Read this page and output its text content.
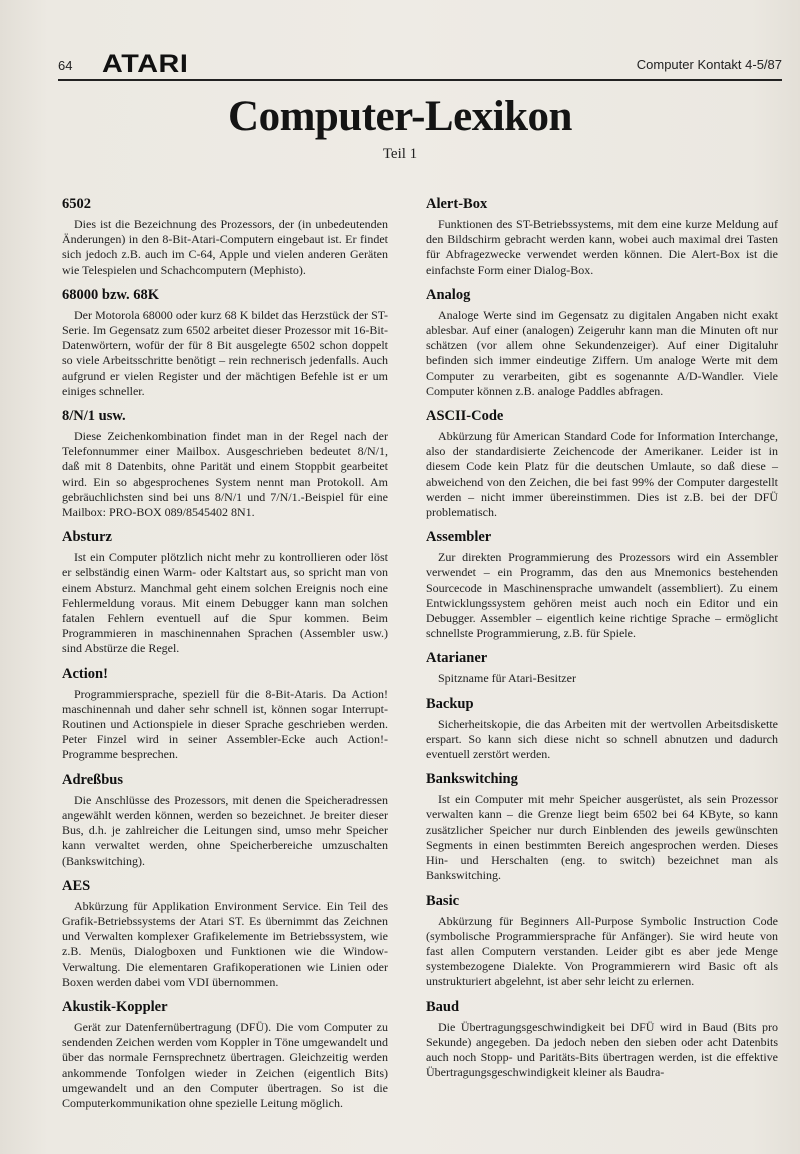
64 ATARI	Computer Kontakt 4-5/87
Computer-Lexikon
Teil 1
6502

Dies ist die Bezeichnung des Prozessors, der (in unbedeutenden Änderungen) in den 8-Bit-Atari-Computern eingebaut ist. Er findet sich jedoch z.B. auch im C-64, Apple und vielen anderen Geräten wie Telespielen und Schachcomputern (Mephisto).

68000 bzw. 68K

Der Motorola 68000 oder kurz 68 K bildet das Herzstück der ST-Serie. Im Gegensatz zum 6502 arbeitet dieser Prozessor mit 16-Bit-Datenwörtern, wofür der für 8 Bit ausgelegte 6502 schon doppelt so viele Arbeitsschritte benötigt – rein rechnerisch jedenfalls. Auch aufgrund er vielen Register und der mächtigen Befehle ist er um einiges schneller.

8/N/1 usw.

Diese Zeichenkombination findet man in der Regel nach der Telefonnummer einer Mailbox. Ausgeschrieben bedeutet 8/N/1, daß mit 8 Datenbits, ohne Parität und einem Stoppbit gearbeitet wird. Ein so abgesprochenes System nennt man Protokoll. Am gebräuchlichsten sind bei uns 8/N/1 und 7/N/1.-Beispiel für eine Mailbox: PRO-BOX 089/8545402 8N1.

Absturz

Ist ein Computer plötzlich nicht mehr zu kontrollieren oder löst er selbständig einen Warm- oder Kaltstart aus, so spricht man von einem Absturz. Manchmal geht einem solchen Ereignis noch eine Fehlermeldung voraus. Mit einem Debugger kann man solchen fatalen Fehlern eventuell auf die Spur kommen. Beim Programmieren in maschinennahen Sprachen (Assembler usw.) sind Abstürze die Regel.

Action!

Programmiersprache, speziell für die 8-Bit-Ataris. Da Action! maschinennah und daher sehr schnell ist, können sogar Interrupt-Routinen und Actionspiele in dieser Sprache geschrieben werden. Peter Finzel wird in seiner Assembler-Ecke auch Action!-Programme besprechen.

Adreßbus

Die Anschlüsse des Prozessors, mit denen die Speicheradressen angewählt werden können, werden so bezeichnet. Je breiter dieser Bus, d.h. je zahlreicher die Leitungen sind, umso mehr Speicher kann verwaltet werden, ohne Speicherbereiche umzuschalten (Bankswitching).

AES

Abkürzung für Applikation Environment Service. Ein Teil des Grafik-Betriebssystems der Atari ST. Es übernimmt das Zeichnen und Verwalten komplexer Grafikelemente im Betriebssystem, wie z.B. Menüs, Dialogboxen und Funktionen wie die Window-Verwaltung. Die elementaren Grafikoperationen wie Linien oder Boxen werden dabei vom VDI übernommen.

Akustik-Koppler

Gerät zur Datenfernübertragung (DFÜ). Die vom Computer zu sendenden Zeichen werden vom Koppler in Töne umgewandelt und über das normale Fernsprechnetz übertragen. Gleichzeitig werden ankommende Tonfolgen wieder in Zeichen (eigentlich Bits) umgewandelt und an den Computer übertragen. So ist die Computerkommunikation ohne spezielle Leitung möglich.

Alert-Box

Funktionen des ST-Betriebssystems, mit dem eine kurze Meldung auf den Bildschirm gebracht werden kann, wobei auch maximal drei Tasten für Abfragezwecke verwendet werden können. Die Alert-Box ist die einfachste Form einer Dialog-Box.

Analog

Analoge Werte sind im Gegensatz zu digitalen Angaben nicht exakt ablesbar. Auf einer (analogen) Zeigeruhr kann man die Minuten oft nur schätzen (vor allem ohne Sekundenzeiger). Auf einer Digitaluhr befinden sich immer eindeutige Ziffern. Um analoge Werte mit dem Computer zu verarbeiten, gibt es sogenannte A/D-Wandler. Viele Computer können z.B. analoge Paddles abfragen.

ASCII-Code

Abkürzung für American Standard Code for Information Interchange, also der standardisierte Zeichencode der Amerikaner. Leider ist in diesem Code kein Platz für die deutschen Umlaute, so daß diese – abweichend von den Zeichen, die bei fast 99% der Computer dargestellt werden – nicht immer übereinstimmen. Dies ist z.B. bei der DFÜ problematisch.

Assembler

Zur direkten Programmierung des Prozessors wird ein Assembler verwendet – ein Programm, das den aus Mnemonics bestehenden Sourcecode in Maschinensprache umwandelt (assembliert). Zu einem Entwicklungssystem gehören meist auch noch ein Editor und ein Debugger. Assembler – eigentlich keine richtige Sprache – ermöglicht schnellste Programmierung, z.B. für Spiele.

Atarianer

Spitzname für Atari-Besitzer

Backup

Sicherheitskopie, die das Arbeiten mit der wertvollen Arbeitsdiskette erspart. So kann sich diese nicht so schnell abnutzen und dadurch eventuell zerstört werden.

Bankswitching

Ist ein Computer mit mehr Speicher ausgerüstet, als sein Prozessor verwalten kann – die Grenze liegt beim 6502 bei 64 KByte, so kann zusätzlicher Speicher nur durch Einblenden des jeweils gewünschten Segments in einen bestimmten Bereich angesprochen werden. Dieses Hin- und Herschalten (eng. to switch) bezeichnet man als Bankswitching.

Basic

Abkürzung für Beginners All-Purpose Symbolic Instruction Code (symbolische Programmiersprache für Anfänger). Sie wird heute von fast allen Computern verstanden. Leider gibt es aber jede Menge systembezogene Dialekte. Von Programmierern wird Basic oft als unstrukturiert abgelehnt, ist aber sehr leicht zu erlernen.

Baud

Die Übertragungsgeschwindigkeit bei DFÜ wird in Baud (Bits pro Sekunde) angegeben. Da jedoch neben den sieben oder acht Datenbits auch noch Stopp- und Paritäts-Bits übertragen werden, ist die effektive Übertragungsgeschwindigkeit kleiner als Baudra-
